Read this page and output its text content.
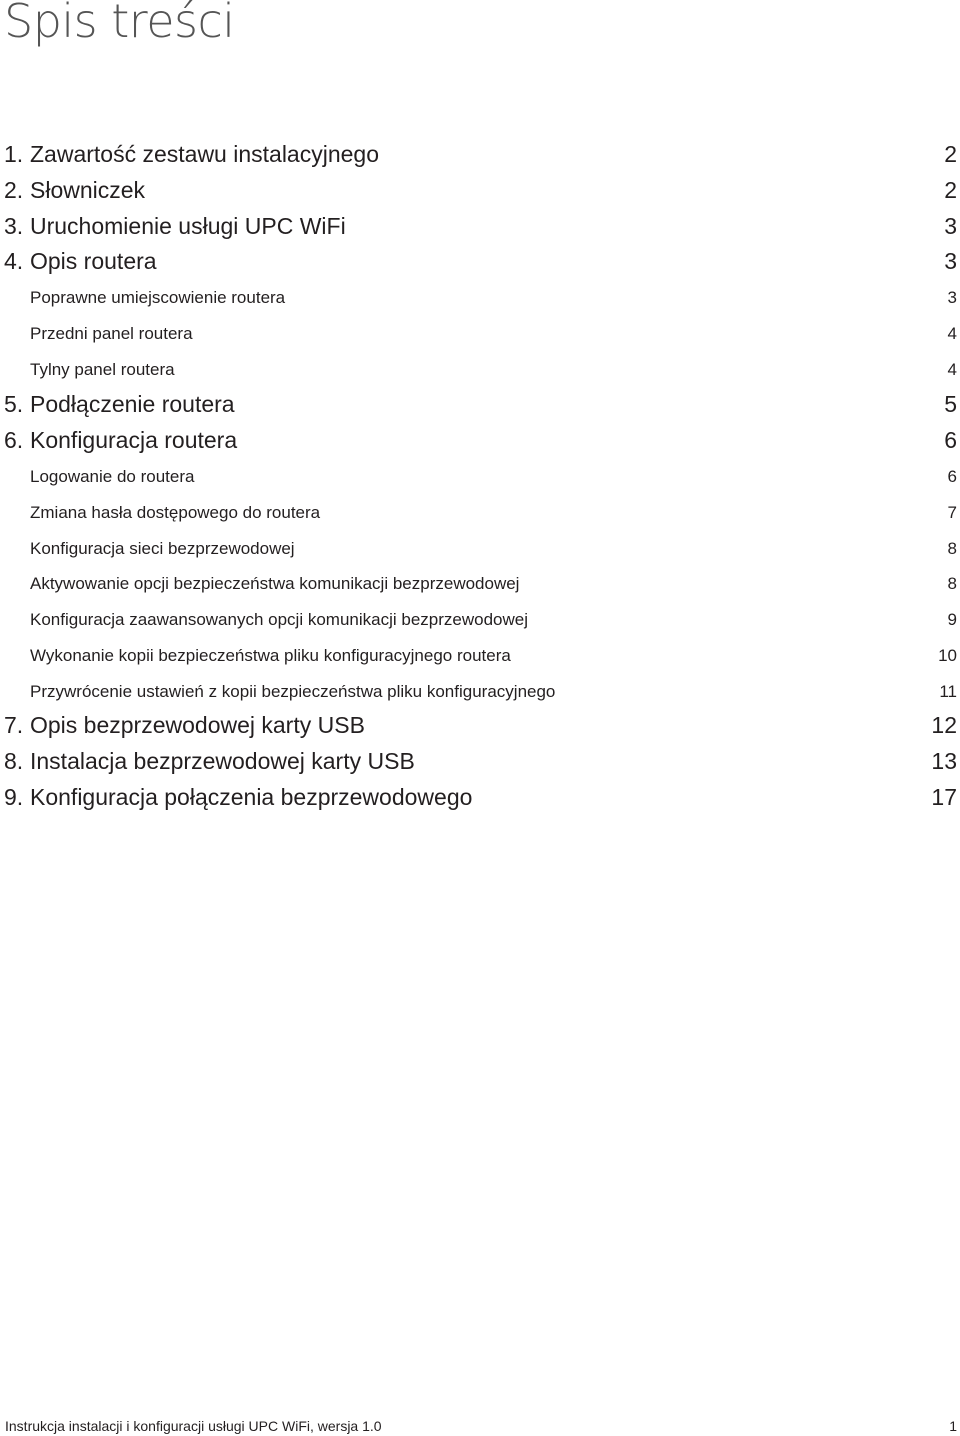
Spis treści
1. Zawartość zestawu instalacyjnego	2
2. Słowniczek	2
3. Uruchomienie usługi UPC WiFi	3
4. Opis routera	3
Poprawne umiejscowienie routera	3
Przedni panel routera	4
Tylny panel routera	4
5. Podłączenie routera	5
6. Konfiguracja routera	6
Logowanie do routera	6
Zmiana hasła dostępowego do routera	7
Konfiguracja sieci bezprzewodowej	8
Aktywowanie opcji bezpieczeństwa komunikacji bezprzewodowej	8
Konfiguracja zaawansowanych opcji komunikacji bezprzewodowej	9
Wykonanie kopii bezpieczeństwa pliku konfiguracyjnego routera	10
Przywrócenie ustawień z kopii bezpieczeństwa pliku konfiguracyjnego	11
7. Opis bezprzewodowej karty USB	12
8. Instalacja bezprzewodowej karty USB	13
9. Konfiguracja połączenia bezprzewodowego	17
Instrukcja instalacji i konfiguracji usługi UPC WiFi, wersja 1.0	1
